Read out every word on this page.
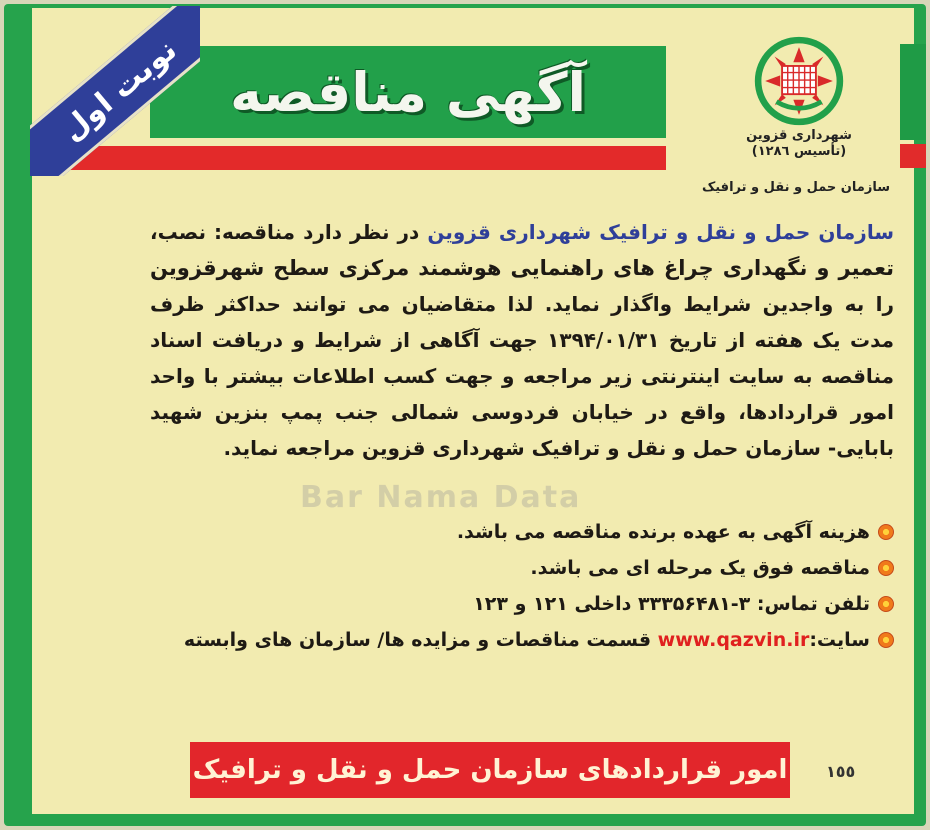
نوبت اول آگهی مناقصه
شهرداری قزوین
(تأسیس ۱۲۸٦)
سازمان حمل و نقل و ترافیک
سازمان حمل و نقل و ترافیک شهرداری قزوین در نظر دارد مناقصه: نصب، تعمیر و نگهداری چراغ های راهنمایی هوشمند مرکزی سطح شهرقزوین را به واجدین شرایط واگذار نماید. لذا متقاضیان می توانند حداکثر ظرف مدت یک هفته از تاریخ ۱۳۹۴/۰۱/۳۱ جهت آگاهی از شرایط و دریافت اسناد مناقصه به سایت اینترنتی زیر مراجعه و جهت کسب اطلاعات بیشتر با واحد امور قراردادها، واقع در خیابان فردوسی شمالی جنب پمپ بنزین شهید بابایی- سازمان حمل و نقل و ترافیک شهرداری قزوین مراجعه نماید.
Bar Nama Data
هزینه آگهی به عهده برنده مناقصه می باشد.
مناقصه فوق یک مرحله ای می باشد.
تلفن تماس: ۳-۳۳۳۵۶۴۸۱ داخلی ۱۲۱ و ۱۲۳
سایت:www.qazvin.ir قسمت مناقصات و مزایده ها/ سازمان های وابسته
امور قراردادهای سازمان حمل و نقل و ترافیک ١٥٥
